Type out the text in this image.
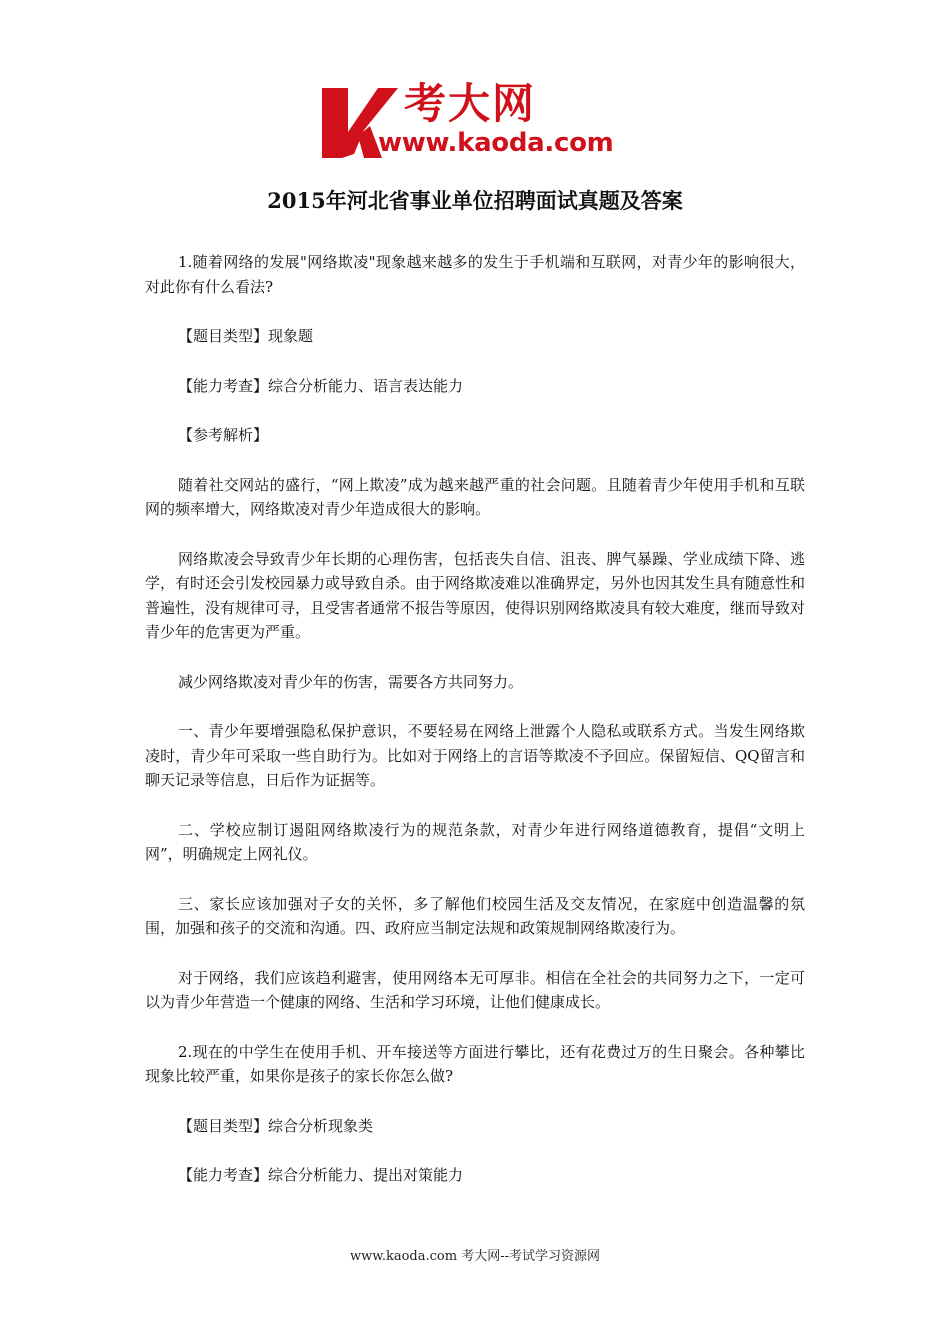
考大网
www.kaoda.com
2015年河北省事业单位招聘面试真题及答案

1.随着网络的发展"网络欺凌"现象越来越多的发生于手机端和互联网，对青少年的影响很大，对此你有什么看法?

【题目类型】现象题

【能力考查】综合分析能力、语言表达能力

【参考解析】

随着社交网站的盛行，“网上欺凌”成为越来越严重的社会问题。且随着青少年使用手机和互联网的频率增大，网络欺凌对青少年造成很大的影响。

网络欺凌会导致青少年长期的心理伤害，包括丧失自信、沮丧、脾气暴躁、学业成绩下降、逃学，有时还会引发校园暴力或导致自杀。由于网络欺凌难以准确界定，另外也因其发生具有随意性和普遍性，没有规律可寻，且受害者通常不报告等原因，使得识别网络欺凌具有较大难度，继而导致对青少年的危害更为严重。

减少网络欺凌对青少年的伤害，需要各方共同努力。

一、青少年要增强隐私保护意识，不要轻易在网络上泄露个人隐私或联系方式。当发生网络欺凌时，青少年可采取一些自助行为。比如对于网络上的言语等欺凌不予回应。保留短信、QQ留言和聊天记录等信息，日后作为证据等。

二、学校应制订遏阻网络欺凌行为的规范条款，对青少年进行网络道德教育，提倡“文明上网”，明确规定上网礼仪。

三、家长应该加强对子女的关怀，多了解他们校园生活及交友情况，在家庭中创造温馨的氛围，加强和孩子的交流和沟通。四、政府应当制定法规和政策规制网络欺凌行为。

对于网络，我们应该趋利避害，使用网络本无可厚非。相信在全社会的共同努力之下，一定可以为青少年营造一个健康的网络、生活和学习环境，让他们健康成长。

2.现在的中学生在使用手机、开车接送等方面进行攀比，还有花费过万的生日聚会。各种攀比现象比较严重，如果你是孩子的家长你怎么做?

【题目类型】综合分析现象类

【能力考查】综合分析能力、提出对策能力

www.kaoda.com 考大网--考试学习资源网
